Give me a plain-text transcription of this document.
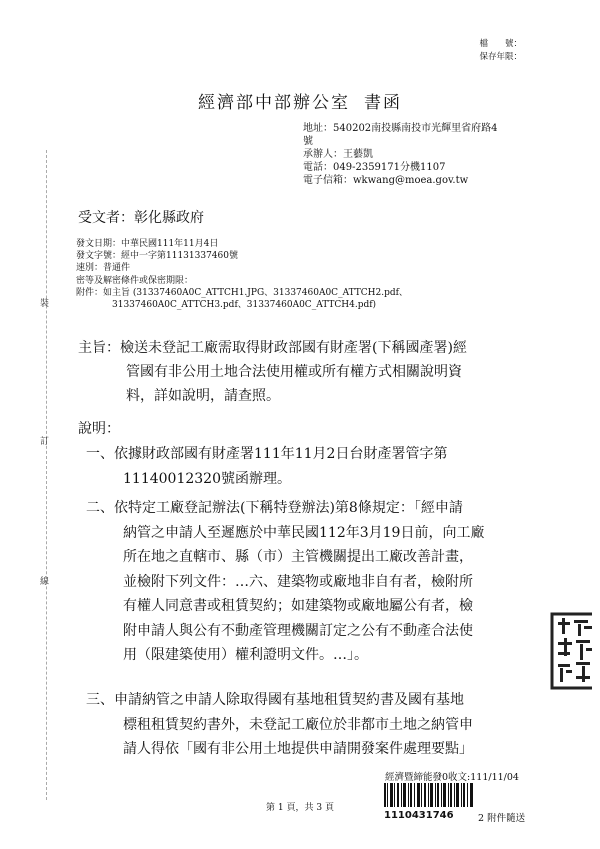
檔　　號：
保存年限：
經濟部中部辦公室 書函
地址：540202南投縣南投市光輝里省府路4
號
承辦人：王藝凱
電話：049-2359171分機1107
電子信箱：wkwang@moea.gov.tw
受文者：彰化縣政府
發文日期：中華民國111年11月4日
發文字號：經中一字第11131337460號
速別：普通件
密等及解密條件或保密期限：
附件：如主旨 (31337460A0C_ATTCH1.JPG、31337460A0C_ATTCH2.pdf、
31337460A0C_ATTCH3.pdf、31337460A0C_ATTCH4.pdf)
主旨：檢送未登記工廠需取得財政部國有財產署(下稱國產署)經
管國有非公用土地合法使用權或所有權方式相關說明資
料，詳如說明，請查照。
說明：
一、依據財政部國有財產署111年11月2日台財產署管字第
11140012320號函辦理。
二、依特定工廠登記辦法(下稱特登辦法)第8條規定：「經申請
納管之申請人至遲應於中華民國112年3月19日前，向工廠
所在地之直轄市、縣（市）主管機關提出工廠改善計畫，
並檢附下列文件：…六、建築物或廠地非自有者，檢附所
有權人同意書或租賃契約；如建築物或廠地屬公有者，檢
附申請人與公有不動產管理機關訂定之公有不動產合法使
用（限建築使用）權利證明文件。…」。
三、申請納管之申請人除取得國有基地租賃契約書及國有基地
標租租賃契約書外，未登記工廠位於非都市土地之納管申
請人得依「國有非公用土地提供申請開發案件處理要點」
裝
訂
線
第 1 頁，共 3 頁
經濟暨締能發0收文:111/11/04
1110431746	2 附件隨送
